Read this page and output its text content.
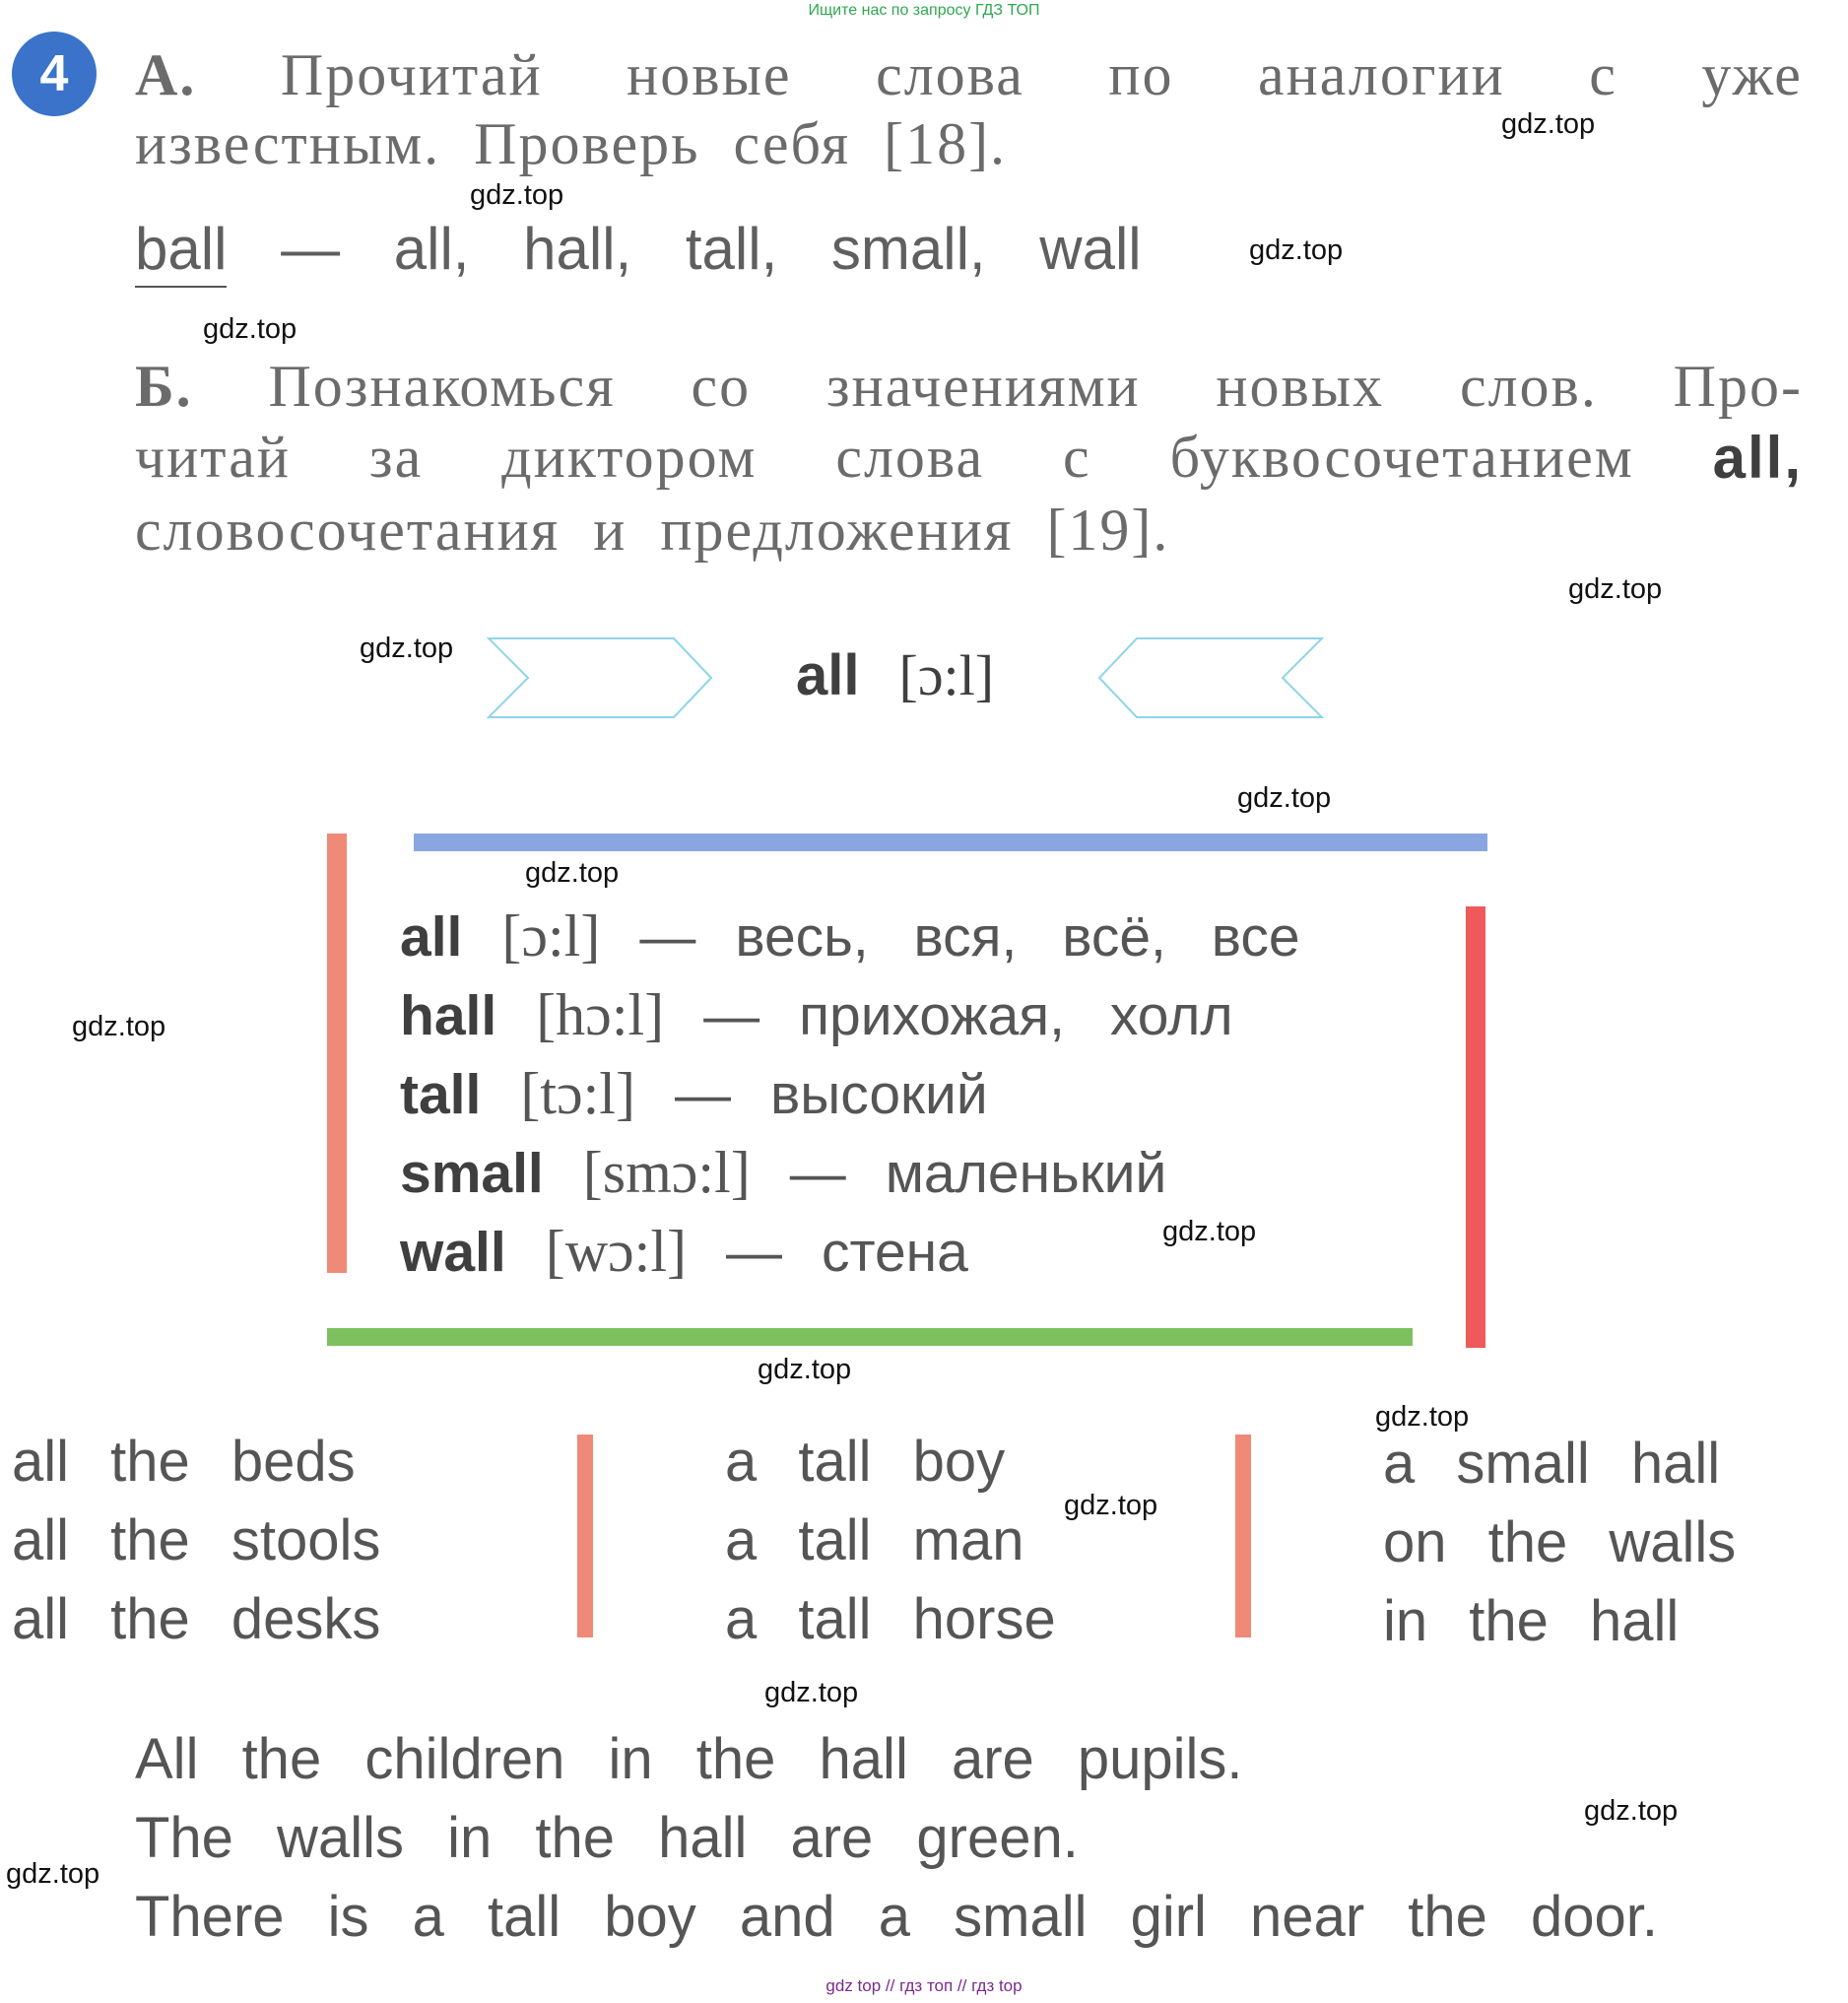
Ищите нас по запросу ГДЗ ТОП
4	А. Прочитай новые слова по аналогии с уже
известным. Проверь себя [18].
ball — all, hall, tall, small, wall
Б. Познакомься со значениями новых слов. Про-
читай за диктором слова с буквосочетанием all,
словосочетания и предложения [19].
all [ɔ:l]
all [ɔ:l] — весь, вся, всё, все
hall [hɔ:l] — прихожая, холл
tall [tɔ:l] — высокий
small [smɔ:l] — маленький
wall [wɔ:l] — стена
all the beds
all the stools
all the desks
a tall boy
a tall man
a tall horse
a small hall
on the walls
in the hall
All the children in the hall are pupils.
The walls in the hall are green.
There is a tall boy and a small girl near the door.
gdz.top
gdz.top
gdz.top
gdz.top
gdz.top
gdz.top
gdz.top
gdz.top
gdz.top
gdz.top
gdz.top
gdz.top
gdz.top
gdz.top
gdz.top
gdz.top
gdz top // гдз топ // гдз top
